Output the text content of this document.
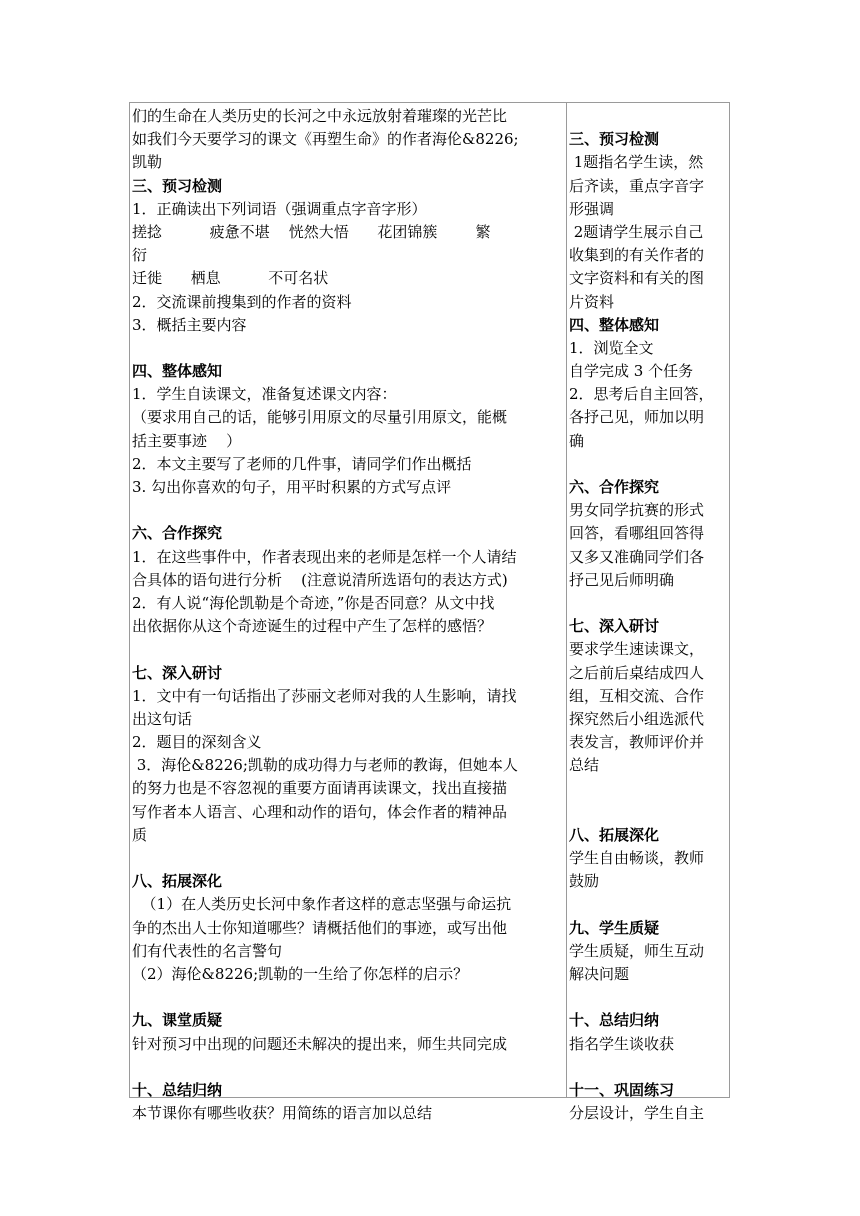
们的生命在人类历史的长河之中永远放射着璀璨的光芒比
如我们今天要学习的课文《再塑生命》的作者海伦&8226;
凯勒
三、预习检测
1．正确读出下列词语（强调重点字音字形）
搓捻          疲惫不堪    恍然大悟      花团锦簇        繁
衍
迁徙      栖息          不可名状
2．交流课前搜集到的作者的资料
3．概括主要内容
四、整体感知
1．学生自读课文，准备复述课文内容：
（要求用自己的话，能够引用原文的尽量引用原文，能概
括主要事迹    ）
2．本文主要写了老师的几件事，请同学们作出概括
3. 勾出你喜欢的句子，用平时积累的方式写点评
六、合作探究
1．在这些事件中，作者表现出来的老师是怎样一个人请结
合具体的语句进行分析    (注意说清所选语句的表达方式)
2．有人说“海伦凯勒是个奇迹，”你是否同意？从文中找
出依据你从这个奇迹诞生的过程中产生了怎样的感悟？
七、深入研讨
1．文中有一句话指出了莎丽文老师对我的人生影响，请找
出这句话
2．题目的深刻含义
3．海伦&8226;凯勒的成功得力与老师的教诲，但她本人
的努力也是不容忽视的重要方面请再读课文，找出直接描
写作者本人语言、心理和动作的语句，体会作者的精神品
质
八、拓展深化
（1）在人类历史长河中象作者这样的意志坚强与命运抗
争的杰出人士你知道哪些？请概括他们的事迹，或写出他
们有代表性的名言警句
（2）海伦&8226;凯勒的一生给了你怎样的启示？
九、课堂质疑
针对预习中出现的问题还未解决的提出来，师生共同完成
十、总结归纳
本节课你有哪些收获？用简练的语言加以总结
三、预习检测
1题指名学生读，然
后齐读，重点字音字
形强调
2题请学生展示自己
收集到的有关作者的
文字资料和有关的图
片资料
四、整体感知
1．浏览全文
自学完成 3 个任务
2．思考后自主回答，
各抒己见，师加以明
确
六、合作探究
男女同学抗赛的形式
回答，看哪组回答得
又多又准确同学们各
抒己见后师明确
七、深入研讨
要求学生速读课文，
之后前后桌结成四人
组，互相交流、合作
探究然后小组选派代
表发言，教师评价并
总结
八、拓展深化
学生自由畅谈，教师
鼓励
九、学生质疑
学生质疑，师生互动
解决问题
十、总结归纳
指名学生谈收获
十一、巩固练习
分层设计，学生自主
